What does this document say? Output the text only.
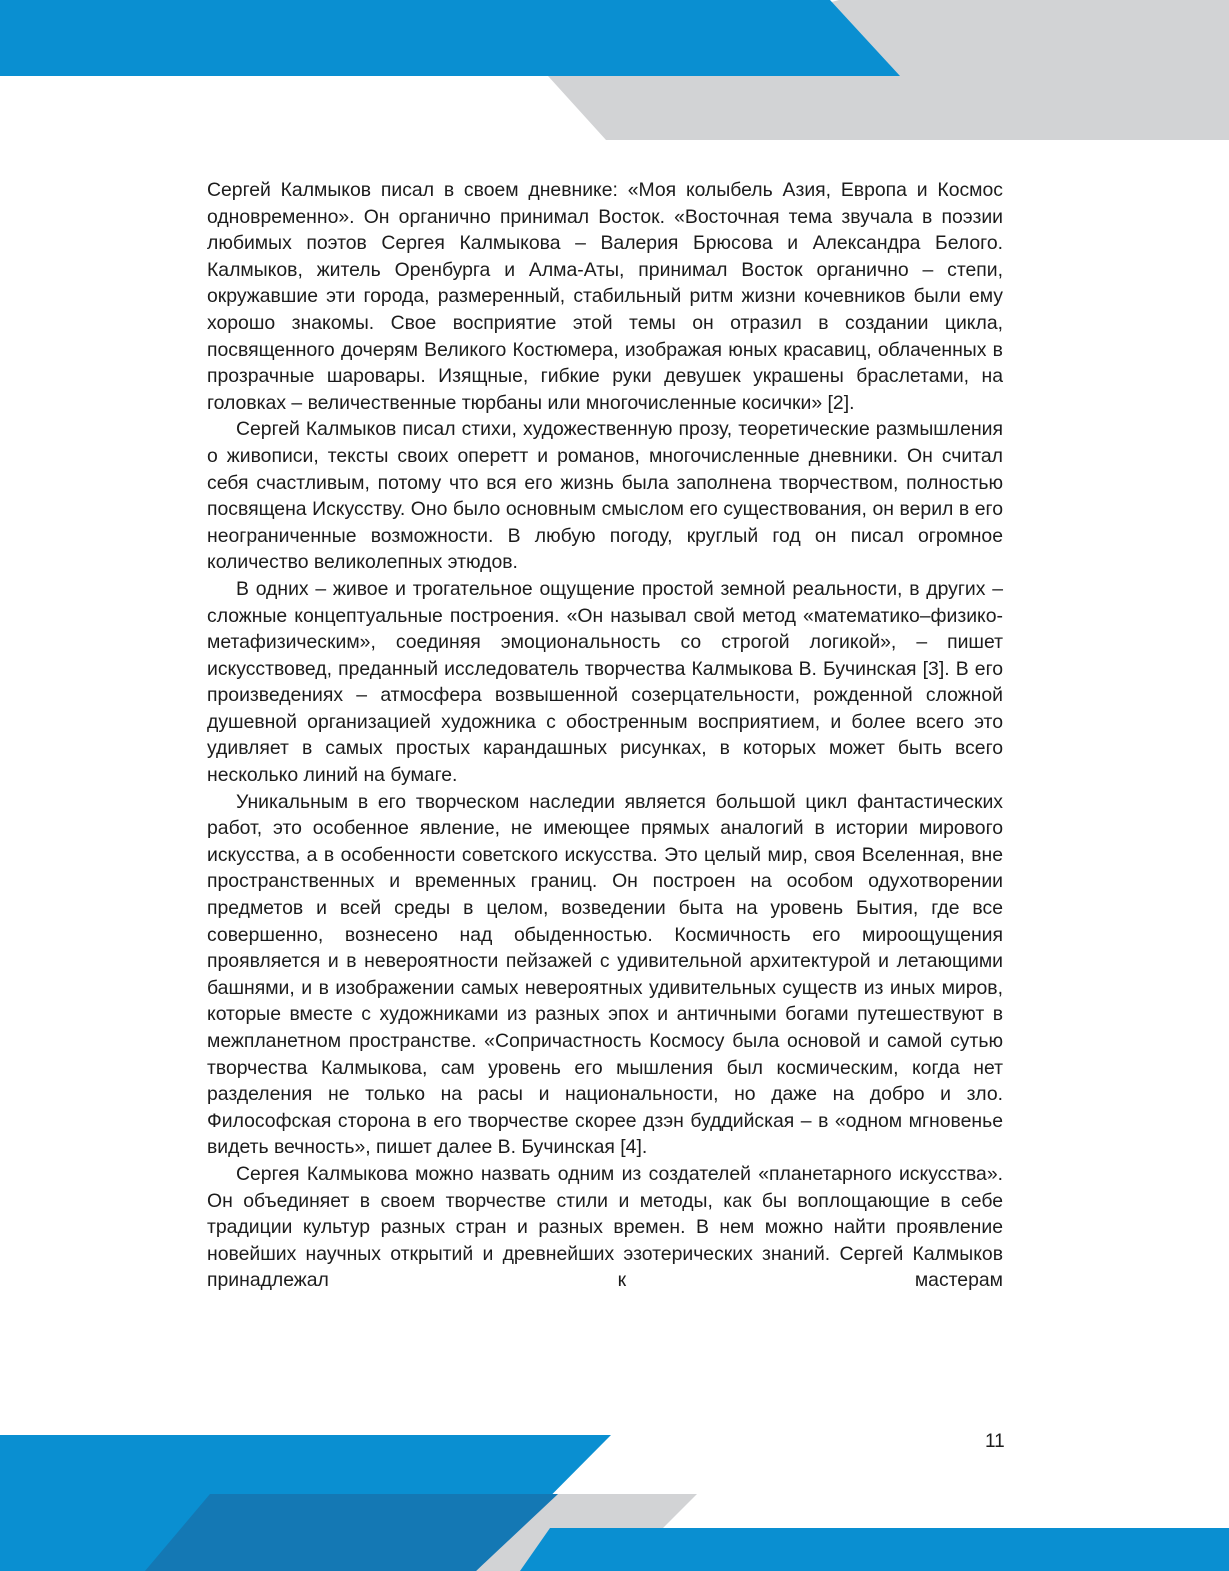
Сергей Калмыков писал в своем дневнике: «Моя колыбель Азия, Европа и Космос одновременно». Он органично принимал Восток. «Восточная тема звучала в поэзии любимых поэтов Сергея Калмыкова – Валерия Брюсова и Александра Белого. Калмыков, житель Оренбурга и Алма-Аты, принимал Восток органично – степи, окружавшие эти города, размеренный, стабильный ритм жизни кочевников были ему хорошо знакомы. Свое восприятие этой темы он отразил в создании цикла, посвященного дочерям Великого Костюмера, изображая юных красавиц, облаченных в прозрачные шаровары. Изящные, гибкие руки девушек украшены браслетами, на головках – величественные тюрбаны или многочисленные косички» [2].

Сергей Калмыков писал стихи, художественную прозу, теоретические размышления о живописи, тексты своих оперетт и романов, многочисленные дневники. Он считал себя счастливым, потому что вся его жизнь была заполнена творчеством, полностью посвящена Искусству. Оно было основным смыслом его существования, он верил в его неограниченные возможности. В любую погоду, круглый год он писал огромное количество великолепных этюдов.

В одних – живое и трогательное ощущение простой земной реальности, в других – сложные концептуальные построения. «Он называл свой метод «математико–физико-метафизическим», соединяя эмоциональность со строгой логикой», – пишет искусствовед, преданный исследователь творчества Калмыкова В. Бучинская [3]. В его произведениях – атмосфера возвышенной созерцательности, рожденной сложной душевной организацией художника с обостренным восприятием, и более всего это удивляет в самых простых карандашных рисунках, в которых может быть всего несколько линий на бумаге.

Уникальным в его творческом наследии является большой цикл фантастических работ, это особенное явление, не имеющее прямых аналогий в истории мирового искусства, а в особенности советского искусства. Это целый мир, своя Вселенная, вне пространственных и временных границ. Он построен на особом одухотворении предметов и всей среды в целом, возведении быта на уровень Бытия, где все совершенно, вознесено над обыденностью. Космичность его мироощущения проявляется и в невероятности пейзажей с удивительной архитектурой и летающими башнями, и в изображении самых невероятных удивительных существ из иных миров, которые вместе с художниками из разных эпох и античными богами путешествуют в межпланетном пространстве. «Сопричастность Космосу была основой и самой сутью творчества Калмыкова, сам уровень его мышления был космическим, когда нет разделения не только на расы и национальности, но даже на добро и зло. Философская сторона в его творчестве скорее дзэн буддийская – в «одном мгновенье видеть вечность», пишет далее В. Бучинская [4].

Сергея Калмыкова можно назвать одним из создателей «планетарного искусства». Он объединяет в своем творчестве стили и методы, как бы воплощающие в себе традиции культур разных стран и разных времен. В нем можно найти проявление новейших научных открытий и древнейших эзотерических знаний. Сергей Калмыков принадлежал к мастерам

11
